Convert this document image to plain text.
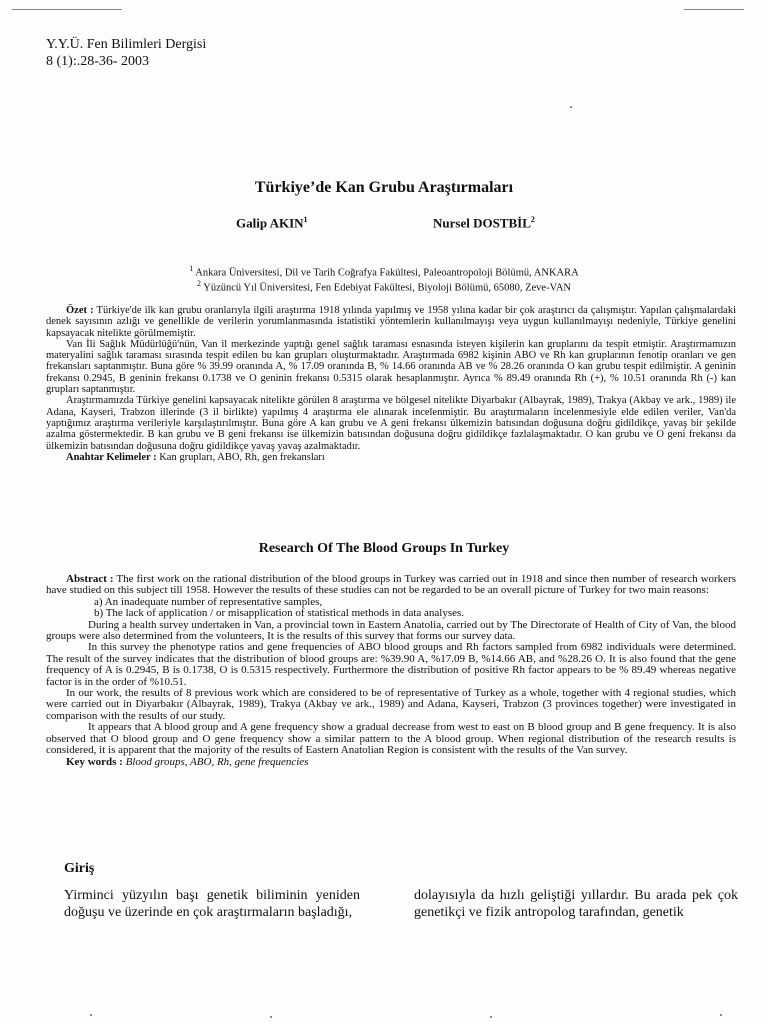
Y.Y.Ü. Fen Bilimleri Dergisi
8 (1):.28-36- 2003
Türkiye’de Kan Grubu Araştırmaları
Galip AKIN$^1$	Nursel DOSTBİL$^2$
$^1$ Ankara Üniversitesi, Dil ve Tarih Coğrafya Fakültesi, Paleoantropoloji Bölümü, ANKARA
$^2$ Yüzüncü Yıl Üniversitesi, Fen Edebiyat Fakültesi, Biyoloji Bölümü, 65080, Zeve-VAN

Özet : Türkiye'de ilk kan grubu oranlarıyla ilgili araştırma 1918 yılında yapılmış ve 1958 yılına kadar bir çok araştırıcı da çalışmıştır. Yapılan çalışmalardaki denek sayısının azlığı ve genellikle de verilerin yorumlanmasında istatistiki yöntemlerin kullanılmayışı veya uygun kullanılmayışı nedeniyle, Türkiye genelini kapsayacak nitelikte görülmemiştir.

Van İli Sağlık Müdürlüğü'nün, Van il merkezinde yaptığı genel sağlık taraması esnasında isteyen kişilerin kan gruplarını da tespit etmiştir. Araştırmamızın materyalini sağlık taraması sırasında tespit edilen bu kan grupları oluşturmaktadır. Araştırmada 6982 kişinin ABO ve Rh kan gruplarının fenotip oranları ve gen frekansları saptanmıştır. Buna göre % 39.99 oranında A, % 17.09 oranında B, % 14.66 oranında AB ve % 28.26 oranında O kan grubu tespit edilmiştir. A geninin frekansı 0.2945, B geninin frekansı 0.1738 ve O geninin frekansı 0.5315 olarak hesaplanmıştır. Ayrıca % 89.49 oranında Rh (+), % 10.51 oranında Rh (-) kan grupları saptanmıştır.

Araştırmamızda Türkiye genelini kapsayacak nitelikte görülen 8 araştırma ve bölgesel nitelikte Diyarbakır (Albayrak, 1989), Trakya (Akbay ve ark., 1989) ile Adana, Kayseri, Trabzon illerinde (3 il birlikte) yapılmış 4 araştırma ele alınarak incelenmiştir. Bu araştırmaların incelenmesiyle elde edilen veriler, Van'da yaptığımız araştırma verileriyle karşılaştırılmıştır. Buna göre A kan grubu ve A geni frekansı ülkemizin batısından doğusuna doğru gidildikçe, yavaş bir şekilde azalma göstermektedir. B kan grubu ve B geni frekansı ise ülkemizin batısından doğusuna doğru gidildikçe fazlalaşmaktadır. O kan grubu ve O geni frekansı da ülkemizin batısından doğusuna doğru gidildikçe yavaş yavaş azalmaktadır.

Anahtar Kelimeler : Kan grupları, ABO, Rh, gen frekansları

Research Of The Blood Groups In Turkey

Abstract : The first work on the rational distribution of the blood groups in Turkey was carried out in 1918 and since then number of research workers have studied on this subject till 1958. However the results of these studies can not be regarded to be an overall picture of Turkey for two main reasons:

a) An inadequate number of representative samples,

b) The lack of application / or misapplication of statistical methods in data analyses.

During a health survey undertaken in Van, a provincial town in Eastern Anatolia, carried out by The Directorate of Health of City of Van, the blood groups were also determined from the volunteers, It is the results of this survey that forms our survey data.

In this survey the phenotype ratios and gene frequencies of ABO blood groups and Rh factors sampled from 6982 individuals were determined. The result of the survey indicates that the distribution of blood groups are: %39.90 A, %17.09 B, %14.66 AB, and %28.26 O. It is also found that the gene frequency of A is 0.2945, B is 0.1738, O is 0.5315 respectively. Furthermore the distribution of positive Rh factor appears to be % 89.49 whereas negative factor is in the order of %10.51.

In our work, the results of 8 previous work which are considered to be of representative of Turkey as a whole, together with 4 regional studies, which were carried out in Diyarbakır (Albayrak, 1989), Trakya (Akbay ve ark., 1989) and Adana, Kayseri, Trabzon (3 provinces together) were investigated in comparison with the results of our study.

It appears that A blood group and A gene frequency show a gradual decrease from west to east on B blood group and B gene frequency. It is also observed that O blood group and O gene frequency show a similar pattern to the A blood group. When regional distribution of the research results is considered, it is apparent that the majority of the results of Eastern Anatolian Region is consistent with the results of the Van survey.

Key words : Blood groups, ABO, Rh, gene frequencies

Giriş
Yirminci yüzyılın başı genetik biliminin yeniden doğuşu ve üzerinde en çok araştırmaların başladığı,
dolayısıyla da hızlı geliştiği yıllardır. Bu arada pek çok genetikçi ve fizik antropolog tarafından, genetik
